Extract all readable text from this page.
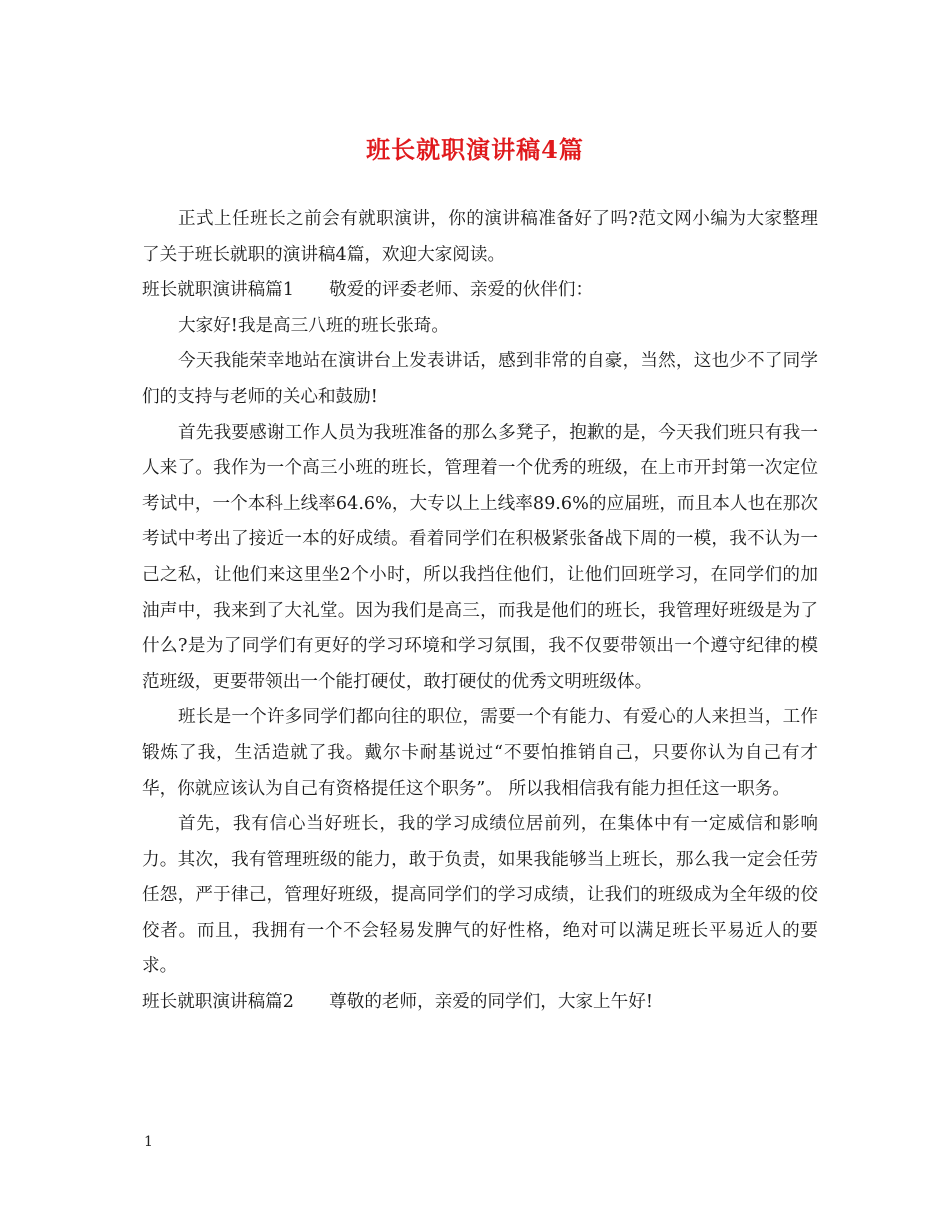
班长就职演讲稿4篇

正式上任班长之前会有就职演讲，你的演讲稿准备好了吗?范文网小编为大家整理了关于班长就职的演讲稿4篇，欢迎大家阅读。

班长就职演讲稿篇1　　敬爱的评委老师、亲爱的伙伴们：

大家好!我是高三八班的班长张琦。

今天我能荣幸地站在演讲台上发表讲话，感到非常的自豪，当然，这也少不了同学们的支持与老师的关心和鼓励!

首先我要感谢工作人员为我班准备的那么多凳子，抱歉的是，今天我们班只有我一人来了。我作为一个高三小班的班长，管理着一个优秀的班级，在上市开封第一次定位考试中，一个本科上线率64.6%，大专以上上线率89.6%的应届班，而且本人也在那次考试中考出了接近一本的好成绩。看着同学们在积极紧张备战下周的一模，我不认为一己之私，让他们来这里坐2个小时，所以我挡住他们，让他们回班学习，在同学们的加油声中，我来到了大礼堂。因为我们是高三，而我是他们的班长，我管理好班级是为了什么?是为了同学们有更好的学习环境和学习氛围，我不仅要带领出一个遵守纪律的模范班级，更要带领出一个能打硬仗，敢打硬仗的优秀文明班级体。

班长是一个许多同学们都向往的职位，需要一个有能力、有爱心的人来担当，工作锻炼了我，生活造就了我。戴尔卡耐基说过“不要怕推销自己，只要你认为自己有才华，你就应该认为自己有资格提任这个职务”。 所以我相信我有能力担任这一职务。

首先，我有信心当好班长，我的学习成绩位居前列，在集体中有一定威信和影响力。其次，我有管理班级的能力，敢于负责，如果我能够当上班长，那么我一定会任劳任怨，严于律己，管理好班级，提高同学们的学习成绩，让我们的班级成为全年级的佼佼者。而且，我拥有一个不会轻易发脾气的好性格，绝对可以满足班长平易近人的要求。

班长就职演讲稿篇2　　尊敬的老师，亲爱的同学们，大家上午好!

1
